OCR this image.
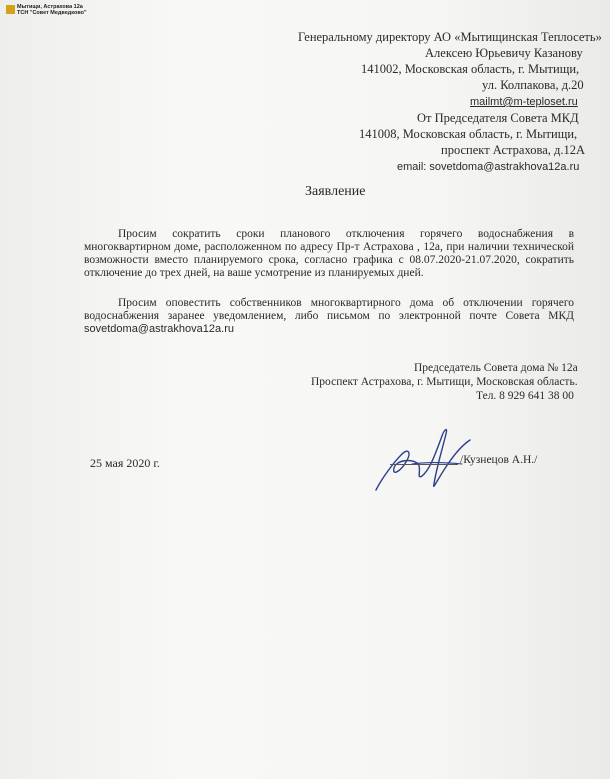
Мытищи, Астрахова 12а
ТСН "Совет Медведково"
Генеральному директору АО «Мытищинская Теплосеть»
Алексею Юрьевичу Казанову
141002, Московская область, г. Мытищи,
ул. Колпакова, д.20
mailmt@m-teploset.ru
От Председателя Совета МКД
141008, Московская область, г. Мытищи,
проспект Астрахова, д.12А
email: sovetdoma@astrakhova12a.ru
Заявление
Просим сократить сроки планового отключения горячего водоснабжения в многоквартирном доме, расположенном по адресу Пр-т Астрахова , 12а, при наличии технической возможности вместо планируемого срока, согласно графика с 08.07.2020-21.07.2020, сократить отключение до трех дней, на ваше усмотрение из планируемых дней.
Просим оповестить собственников многоквартирного дома об отключении горячего водоснабжения заранее уведомлением, либо письмом по электронной почте Совета МКД sovetdoma@astrakhova12a.ru
Председатель Совета дома № 12а
Проспект Астрахова, г. Мытищи, Московская область.
Тел. 8 929 641 38 00
25 мая 2020 г.	/Кузнецов А.Н./
